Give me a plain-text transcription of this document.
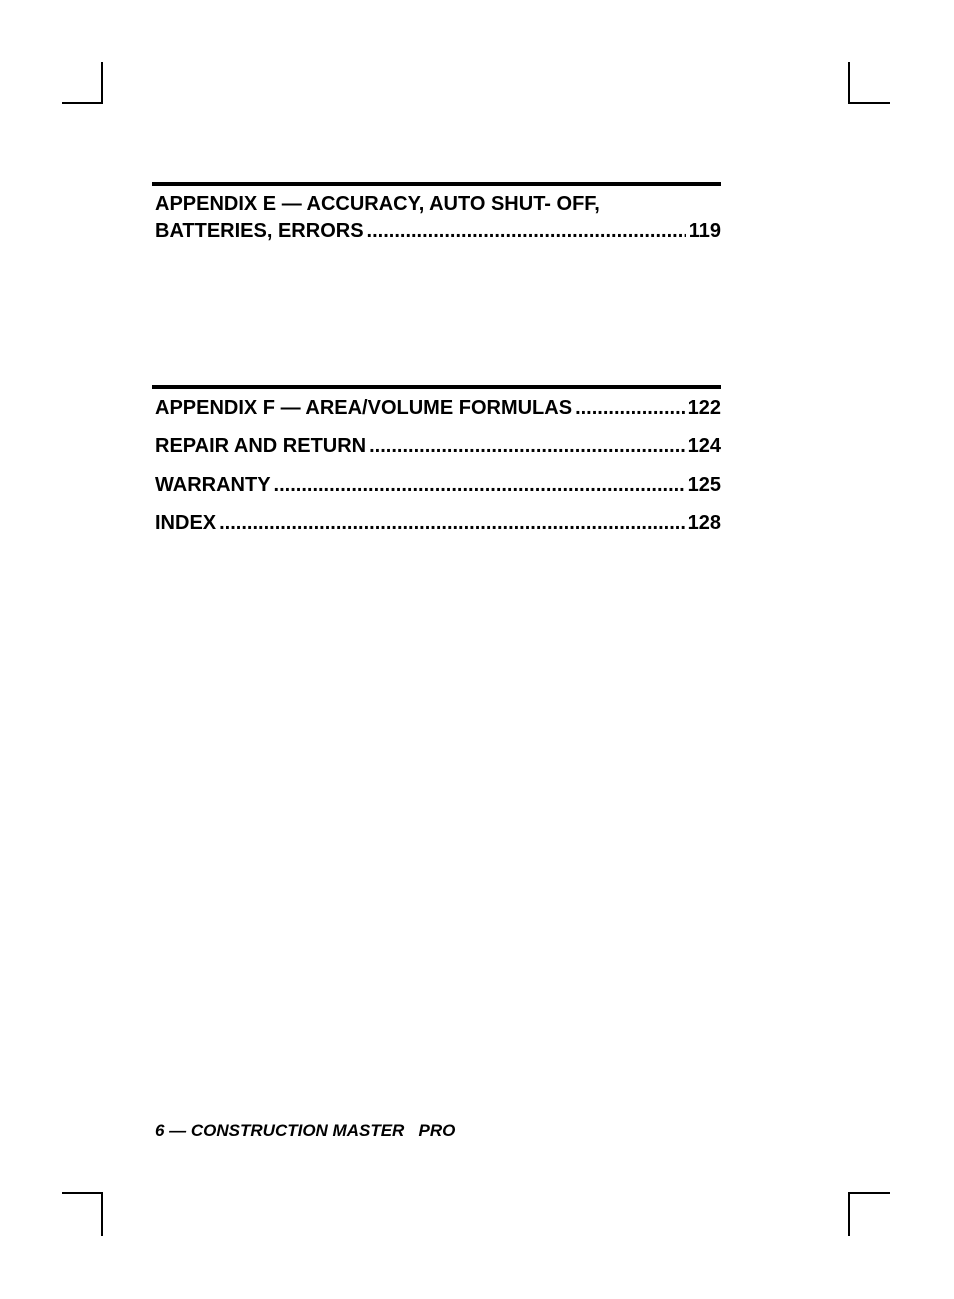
APPENDIX E — ACCURACY, AUTO SHUT- OFF,
BATTERIES, ERRORS .....	119
APPENDIX F — AREA/VOLUME FORMULAS .....	122
REPAIR AND RETURN .....	124
WARRANTY .....	125
INDEX .....	128
6 — CONSTRUCTION MASTER   PRO
